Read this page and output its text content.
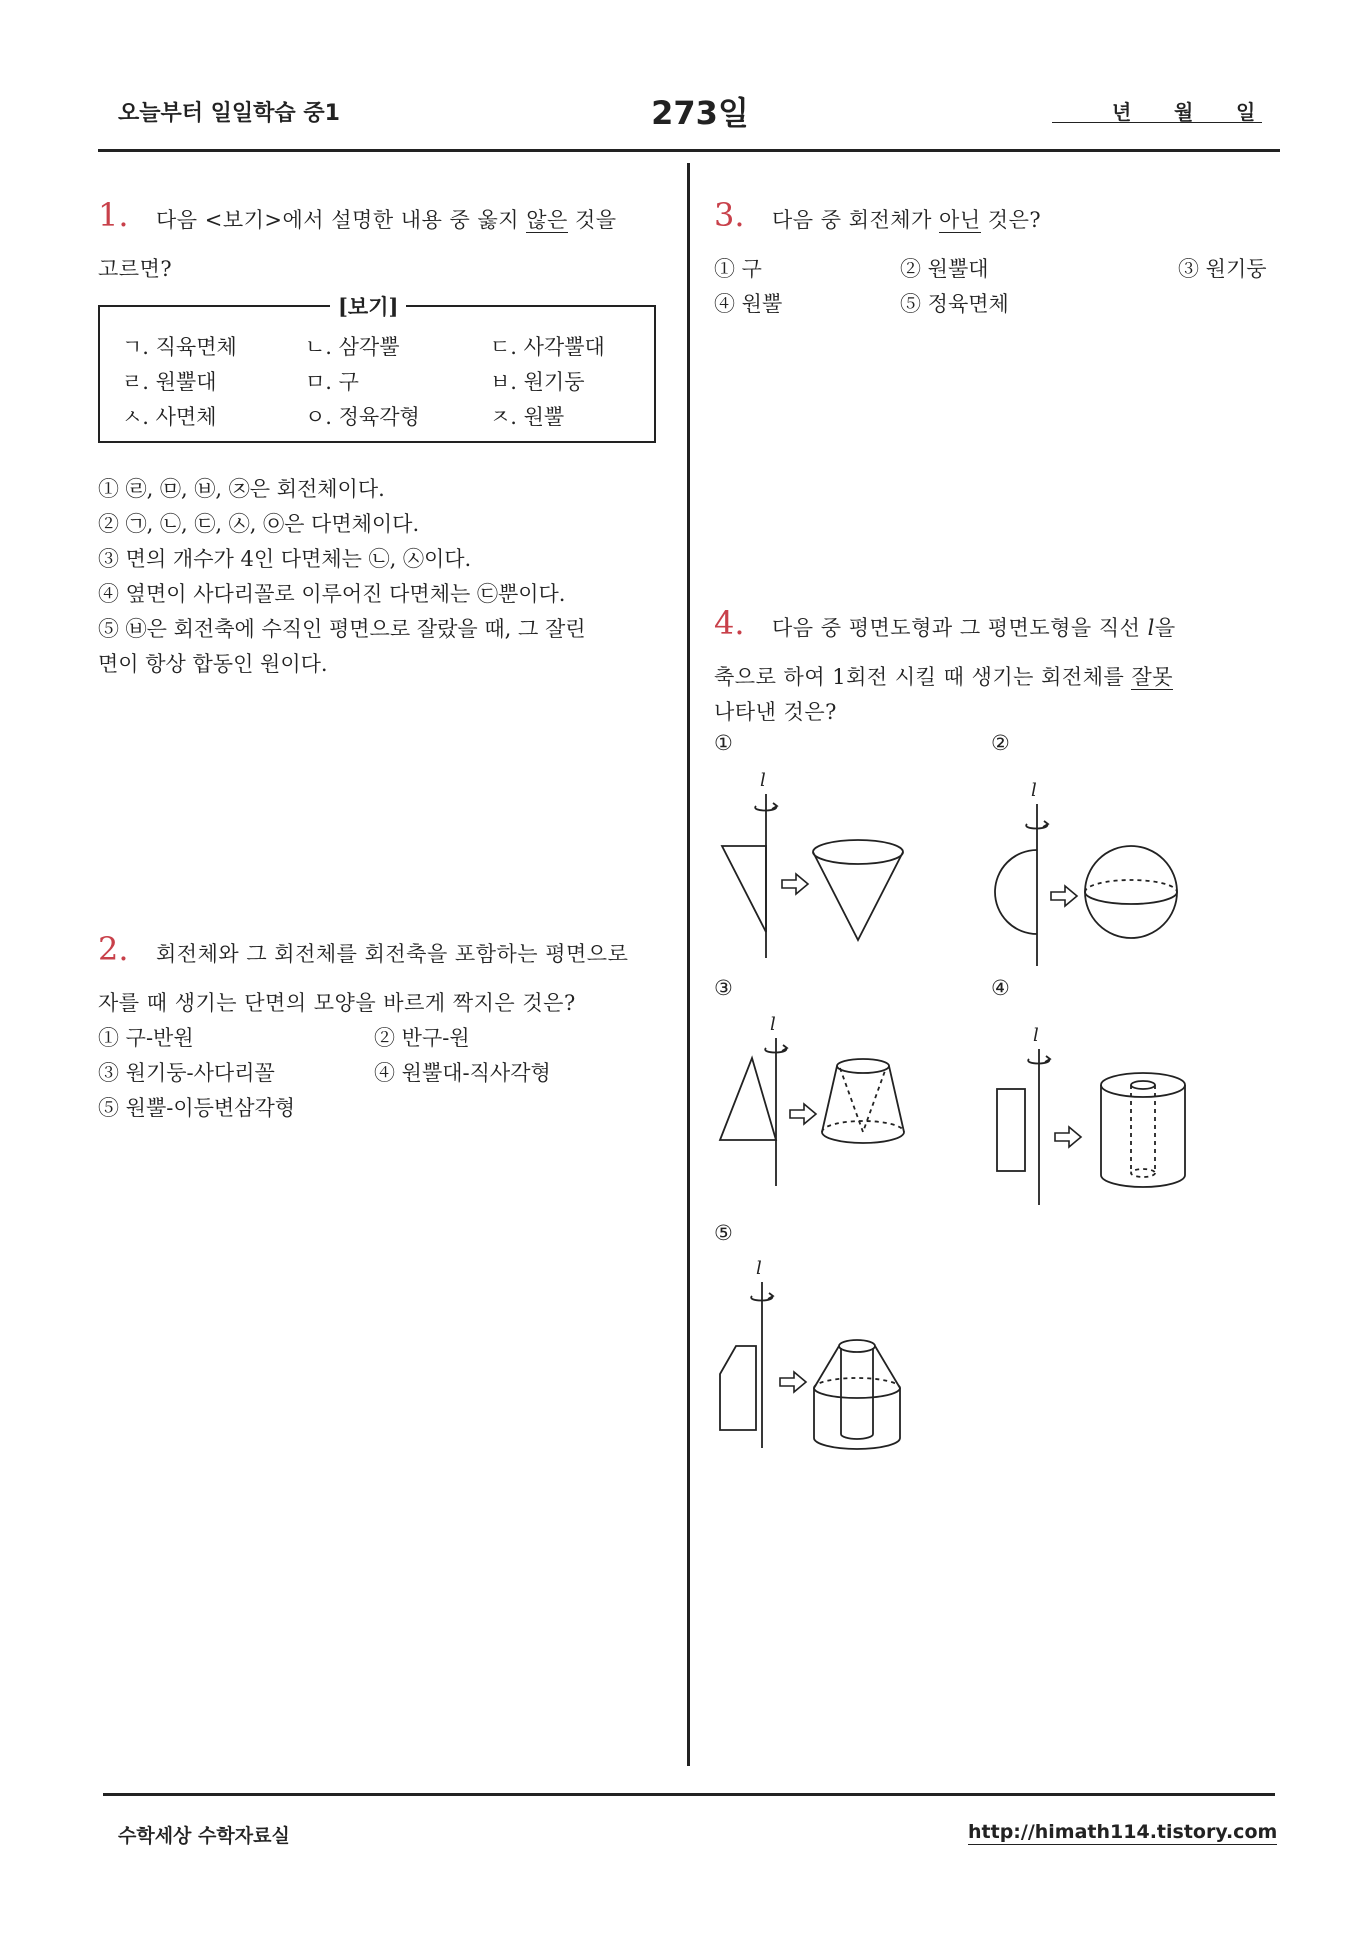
오늘부터 일일학습 중1	273일	년 월 일

1. 다음 <보기>에서 설명한 내용 중 옳지 않은 것을
고르면?
[보기]
ㄱ. 직육면체	ㄴ. 삼각뿔	ㄷ. 사각뿔대
ㄹ. 원뿔대	ㅁ. 구	ㅂ. 원기둥
ㅅ. 사면체	ㅇ. 정육각형	ㅈ. 원뿔
① ㉣, ㉤, ㉥, ㉨은 회전체이다.
② ㉠, ㉡, ㉢, ㉦, ㉧은 다면체이다.
③ 면의 개수가 4인 다면체는 ㉡, ㉦이다.
④ 옆면이 사다리꼴로 이루어진 다면체는 ㉢뿐이다.
⑤ ㉥은 회전축에 수직인 평면으로 잘랐을 때, 그 잘린
면이 항상 합동인 원이다.
2. 회전체와 그 회전체를 회전축을 포함하는 평면으로
자를 때 생기는 단면의 모양을 바르게 짝지은 것은?
① 구-반원	② 반구-원
③ 원기둥-사다리꼴	④ 원뿔대-직사각형
⑤ 원뿔-이등변삼각형
3. 다음 중 회전체가 아닌 것은?
① 구	② 원뿔대	③ 원기둥
④ 원뿔	⑤ 정육면체
4. 다음 중 평면도형과 그 평면도형을 직선 l을
축으로 하여 1회전 시킬 때 생기는 회전체를 잘못
나타낸 것은?
①	②
③	④
⑤
l	l
l
l
l
수학세상 수학자료실	http://himath114.tistory.com
